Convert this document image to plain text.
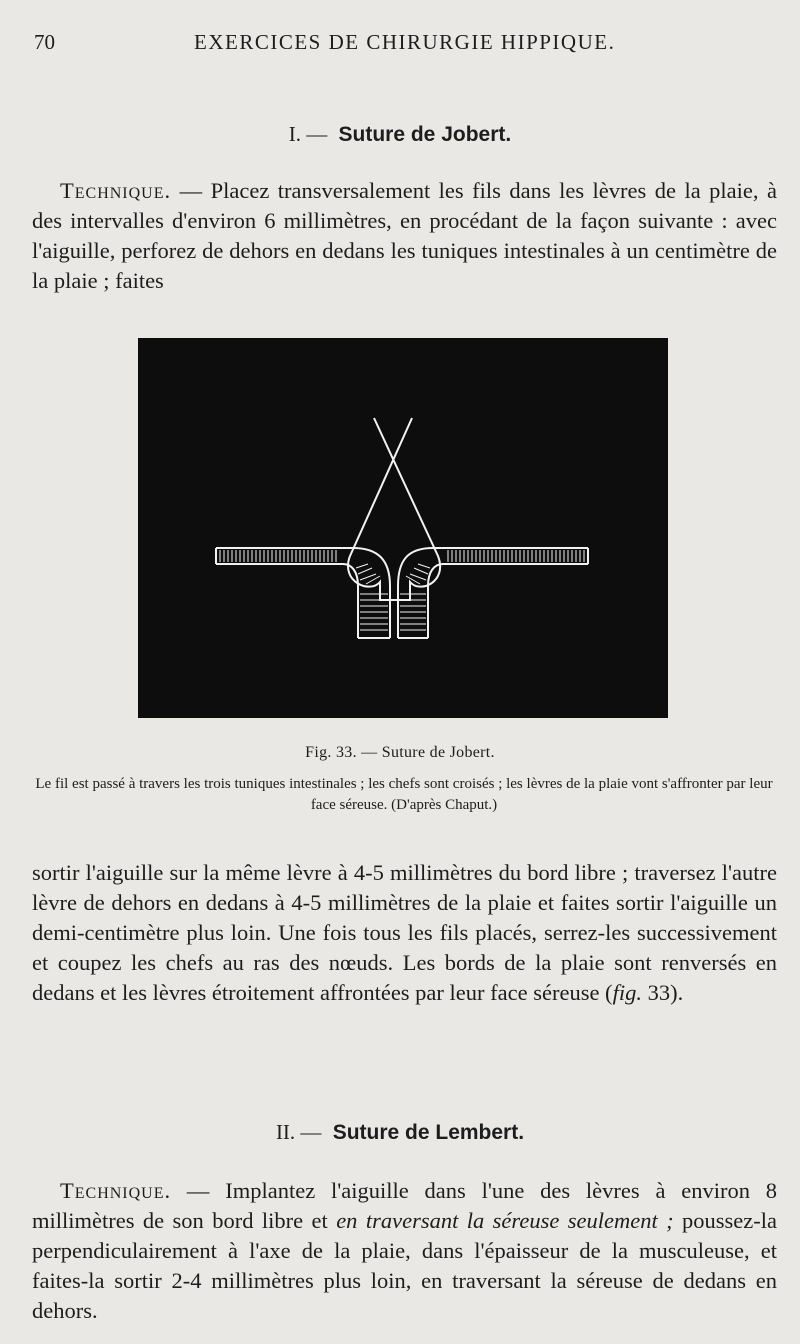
70	EXERCICES DE CHIRURGIE HIPPIQUE.
I. — Suture de Jobert.

Technique. — Placez transversalement les fils dans les lèvres de la plaie, à des intervalles d'environ 6 millimètres, en procédant de la façon suivante : avec l'aiguille, perforez de dehors en dedans les tuniques intestinales à un centimètre de la plaie ; faites

Fig. 33. — Suture de Jobert.
Le fil est passé à travers les trois tuniques intestinales ; les chefs sont croisés ; les lèvres de la plaie vont s'affronter par leur face séreuse. (D'après Chaput.)

sortir l'aiguille sur la même lèvre à 4-5 millimètres du bord libre ; traversez l'autre lèvre de dehors en dedans à 4-5 millimètres de la plaie et faites sortir l'aiguille un demi-centimètre plus loin. Une fois tous les fils placés, serrez-les successivement et coupez les chefs au ras des nœuds. Les bords de la plaie sont renversés en dedans et les lèvres étroitement affrontées par leur face séreuse (fig. 33).

II. — Suture de Lembert.

Technique. — Implantez l'aiguille dans l'une des lèvres à environ 8 millimètres de son bord libre et en traversant la séreuse seulement ; poussez-la perpendiculairement à l'axe de la plaie, dans l'épaisseur de la musculeuse, et faites-la sortir 2-4 millimètres plus loin, en traversant la séreuse de dedans en dehors.
